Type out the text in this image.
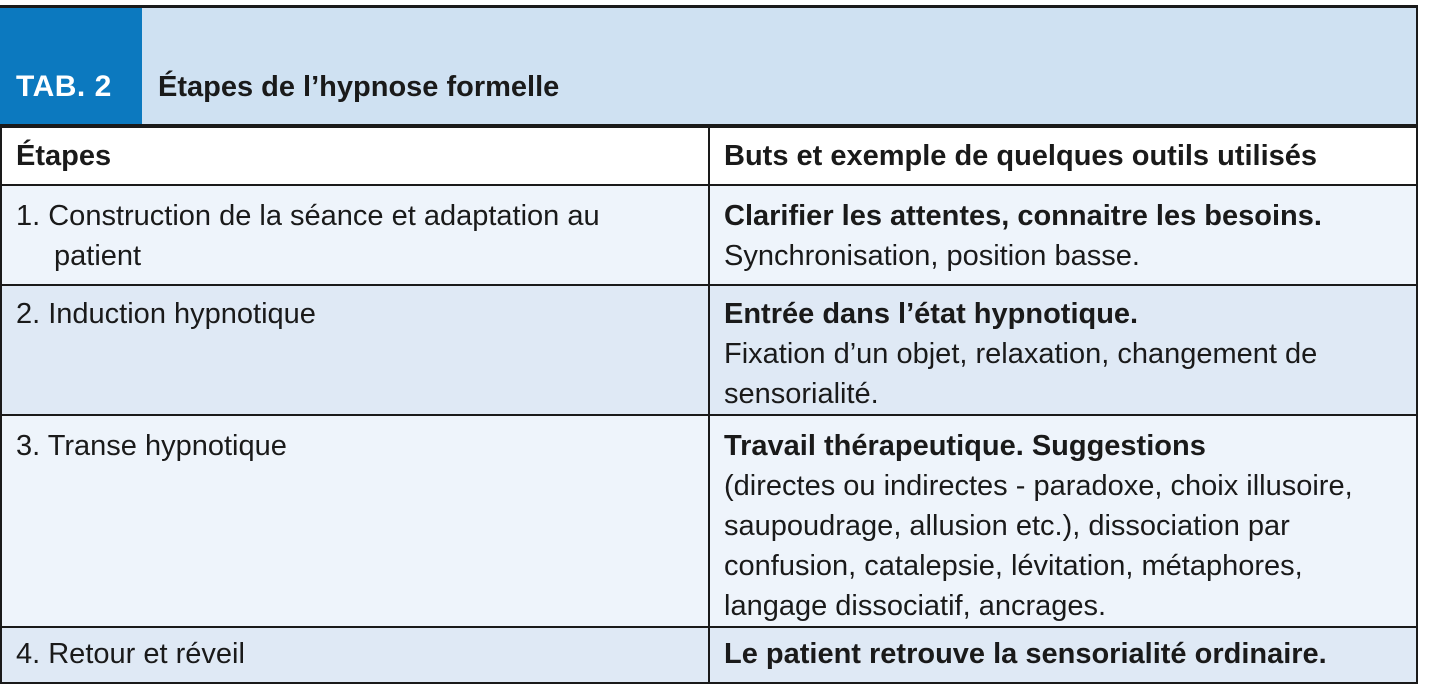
TAB. 2	Étapes de l’hypnose formelle
Étapes	Buts et exemple de quelques outils utilisés

1. Construction de la séance et adaptation au patient	Clarifier les attentes, connaitre les besoins.
Synchronisation, position basse.

2. Induction hypnotique	Entrée dans l’état hypnotique.
Fixation d’un objet, relaxation, changement de sensorialité.

3. Transe hypnotique	Travail thérapeutique. Suggestions
(directes ou indirectes - paradoxe, choix illusoire, saupoudrage, allusion etc.), dissociation par confusion, catalepsie, lévitation, métaphores, langage dissociatif, ancrages.

4. Retour et réveil	Le patient retrouve la sensorialité ordinaire.
